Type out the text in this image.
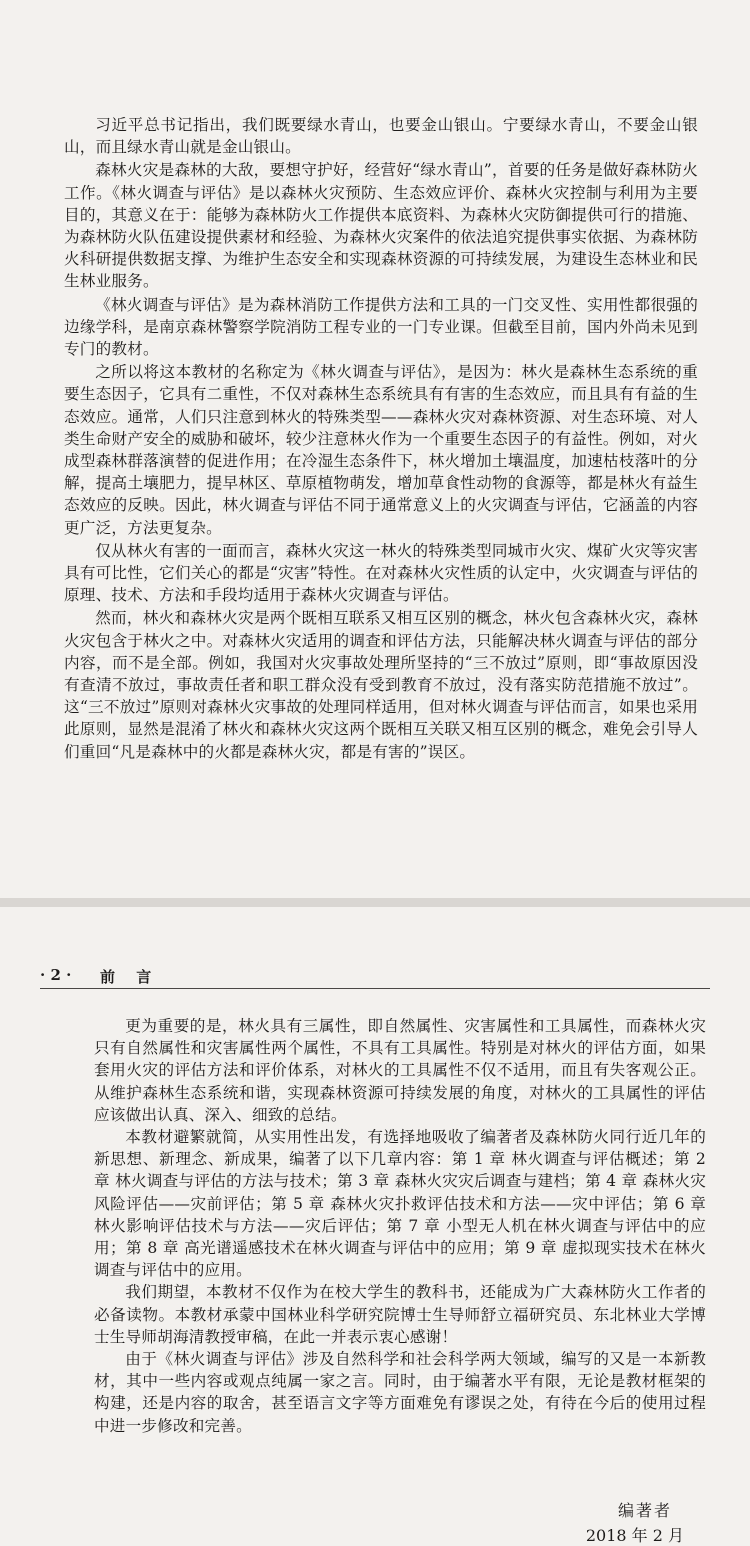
习近平总书记指出，我们既要绿水青山，也要金山银山。宁要绿水青山，不要金山银山，而且绿水青山就是金山银山。

森林火灾是森林的大敌，要想守护好，经营好“绿水青山”，首要的任务是做好森林防火工作。《林火调查与评估》是以森林火灾预防、生态效应评价、森林火灾控制与利用为主要目的，其意义在于：能够为森林防火工作提供本底资料、为森林火灾防御提供可行的措施、为森林防火队伍建设提供素材和经验、为森林火灾案件的依法追究提供事实依据、为森林防火科研提供数据支撑、为维护生态安全和实现森林资源的可持续发展，为建设生态林业和民生林业服务。

《林火调查与评估》是为森林消防工作提供方法和工具的一门交叉性、实用性都很强的边缘学科，是南京森林警察学院消防工程专业的一门专业课。但截至目前，国内外尚未见到专门的教材。

之所以将这本教材的名称定为《林火调查与评估》，是因为：林火是森林生态系统的重要生态因子，它具有二重性，不仅对森林生态系统具有有害的生态效应，而且具有有益的生态效应。通常，人们只注意到林火的特殊类型——森林火灾对森林资源、对生态环境、对人类生命财产安全的威胁和破坏，较少注意林火作为一个重要生态因子的有益性。例如，对火成型森林群落演替的促进作用；在冷湿生态条件下，林火增加土壤温度，加速枯枝落叶的分解，提高土壤肥力，提早林区、草原植物萌发，增加草食性动物的食源等，都是林火有益生态效应的反映。因此，林火调查与评估不同于通常意义上的火灾调查与评估，它涵盖的内容更广泛，方法更复杂。

仅从林火有害的一面而言，森林火灾这一林火的特殊类型同城市火灾、煤矿火灾等灾害具有可比性，它们关心的都是“灾害”特性。在对森林火灾性质的认定中，火灾调查与评估的原理、技术、方法和手段均适用于森林火灾调查与评估。

然而，林火和森林火灾是两个既相互联系又相互区别的概念，林火包含森林火灾，森林火灾包含于林火之中。对森林火灾适用的调查和评估方法，只能解决林火调查与评估的部分内容，而不是全部。例如，我国对火灾事故处理所坚持的“三不放过”原则，即“事故原因没有查清不放过，事故责任者和职工群众没有受到教育不放过，没有落实防范措施不放过”。这“三不放过”原则对森林火灾事故的处理同样适用，但对林火调查与评估而言，如果也采用此原则，显然是混淆了林火和森林火灾这两个既相互关联又相互区别的概念，难免会引导人们重回“凡是森林中的火都是森林火灾，都是有害的”误区。

更为重要的是，林火具有三属性，即自然属性、灾害属性和工具属性，而森林火灾只有自然属性和灾害属性两个属性，不具有工具属性。特别是对林火的评估方面，如果套用火灾的评估方法和评价体系，对林火的工具属性不仅不适用，而且有失客观公正。从维护森林生态系统和谐，实现森林资源可持续发展的角度，对林火的工具属性的评估应该做出认真、深入、细致的总结。

本教材避繁就简，从实用性出发，有选择地吸收了编著者及森林防火同行近几年的新思想、新理念、新成果，编著了以下几章内容：第 1 章 林火调查与评估概述；第 2 章 林火调查与评估的方法与技术；第 3 章 森林火灾灾后调查与建档；第 4 章 森林火灾风险评估——灾前评估；第 5 章 森林火灾扑救评估技术和方法——灾中评估；第 6 章 林火影响评估技术与方法——灾后评估；第 7 章 小型无人机在林火调查与评估中的应用；第 8 章 高光谱遥感技术在林火调查与评估中的应用；第 9 章 虚拟现实技术在林火调查与评估中的应用。

我们期望，本教材不仅作为在校大学生的教科书，还能成为广大森林防火工作者的必备读物。本教材承蒙中国林业科学研究院博士生导师舒立福研究员、东北林业大学博士生导师胡海清教授审稿，在此一并表示衷心感谢！

由于《林火调查与评估》涉及自然科学和社会科学两大领域，编写的又是一本新教材，其中一些内容或观点纯属一家之言。同时，由于编著水平有限，无论是教材框架的构建，还是内容的取舍，甚至语言文字等方面难免有谬误之处，有待在今后的使用过程中进一步修改和完善。

· 2 · 前 言
编著者
2018 年 2 月
